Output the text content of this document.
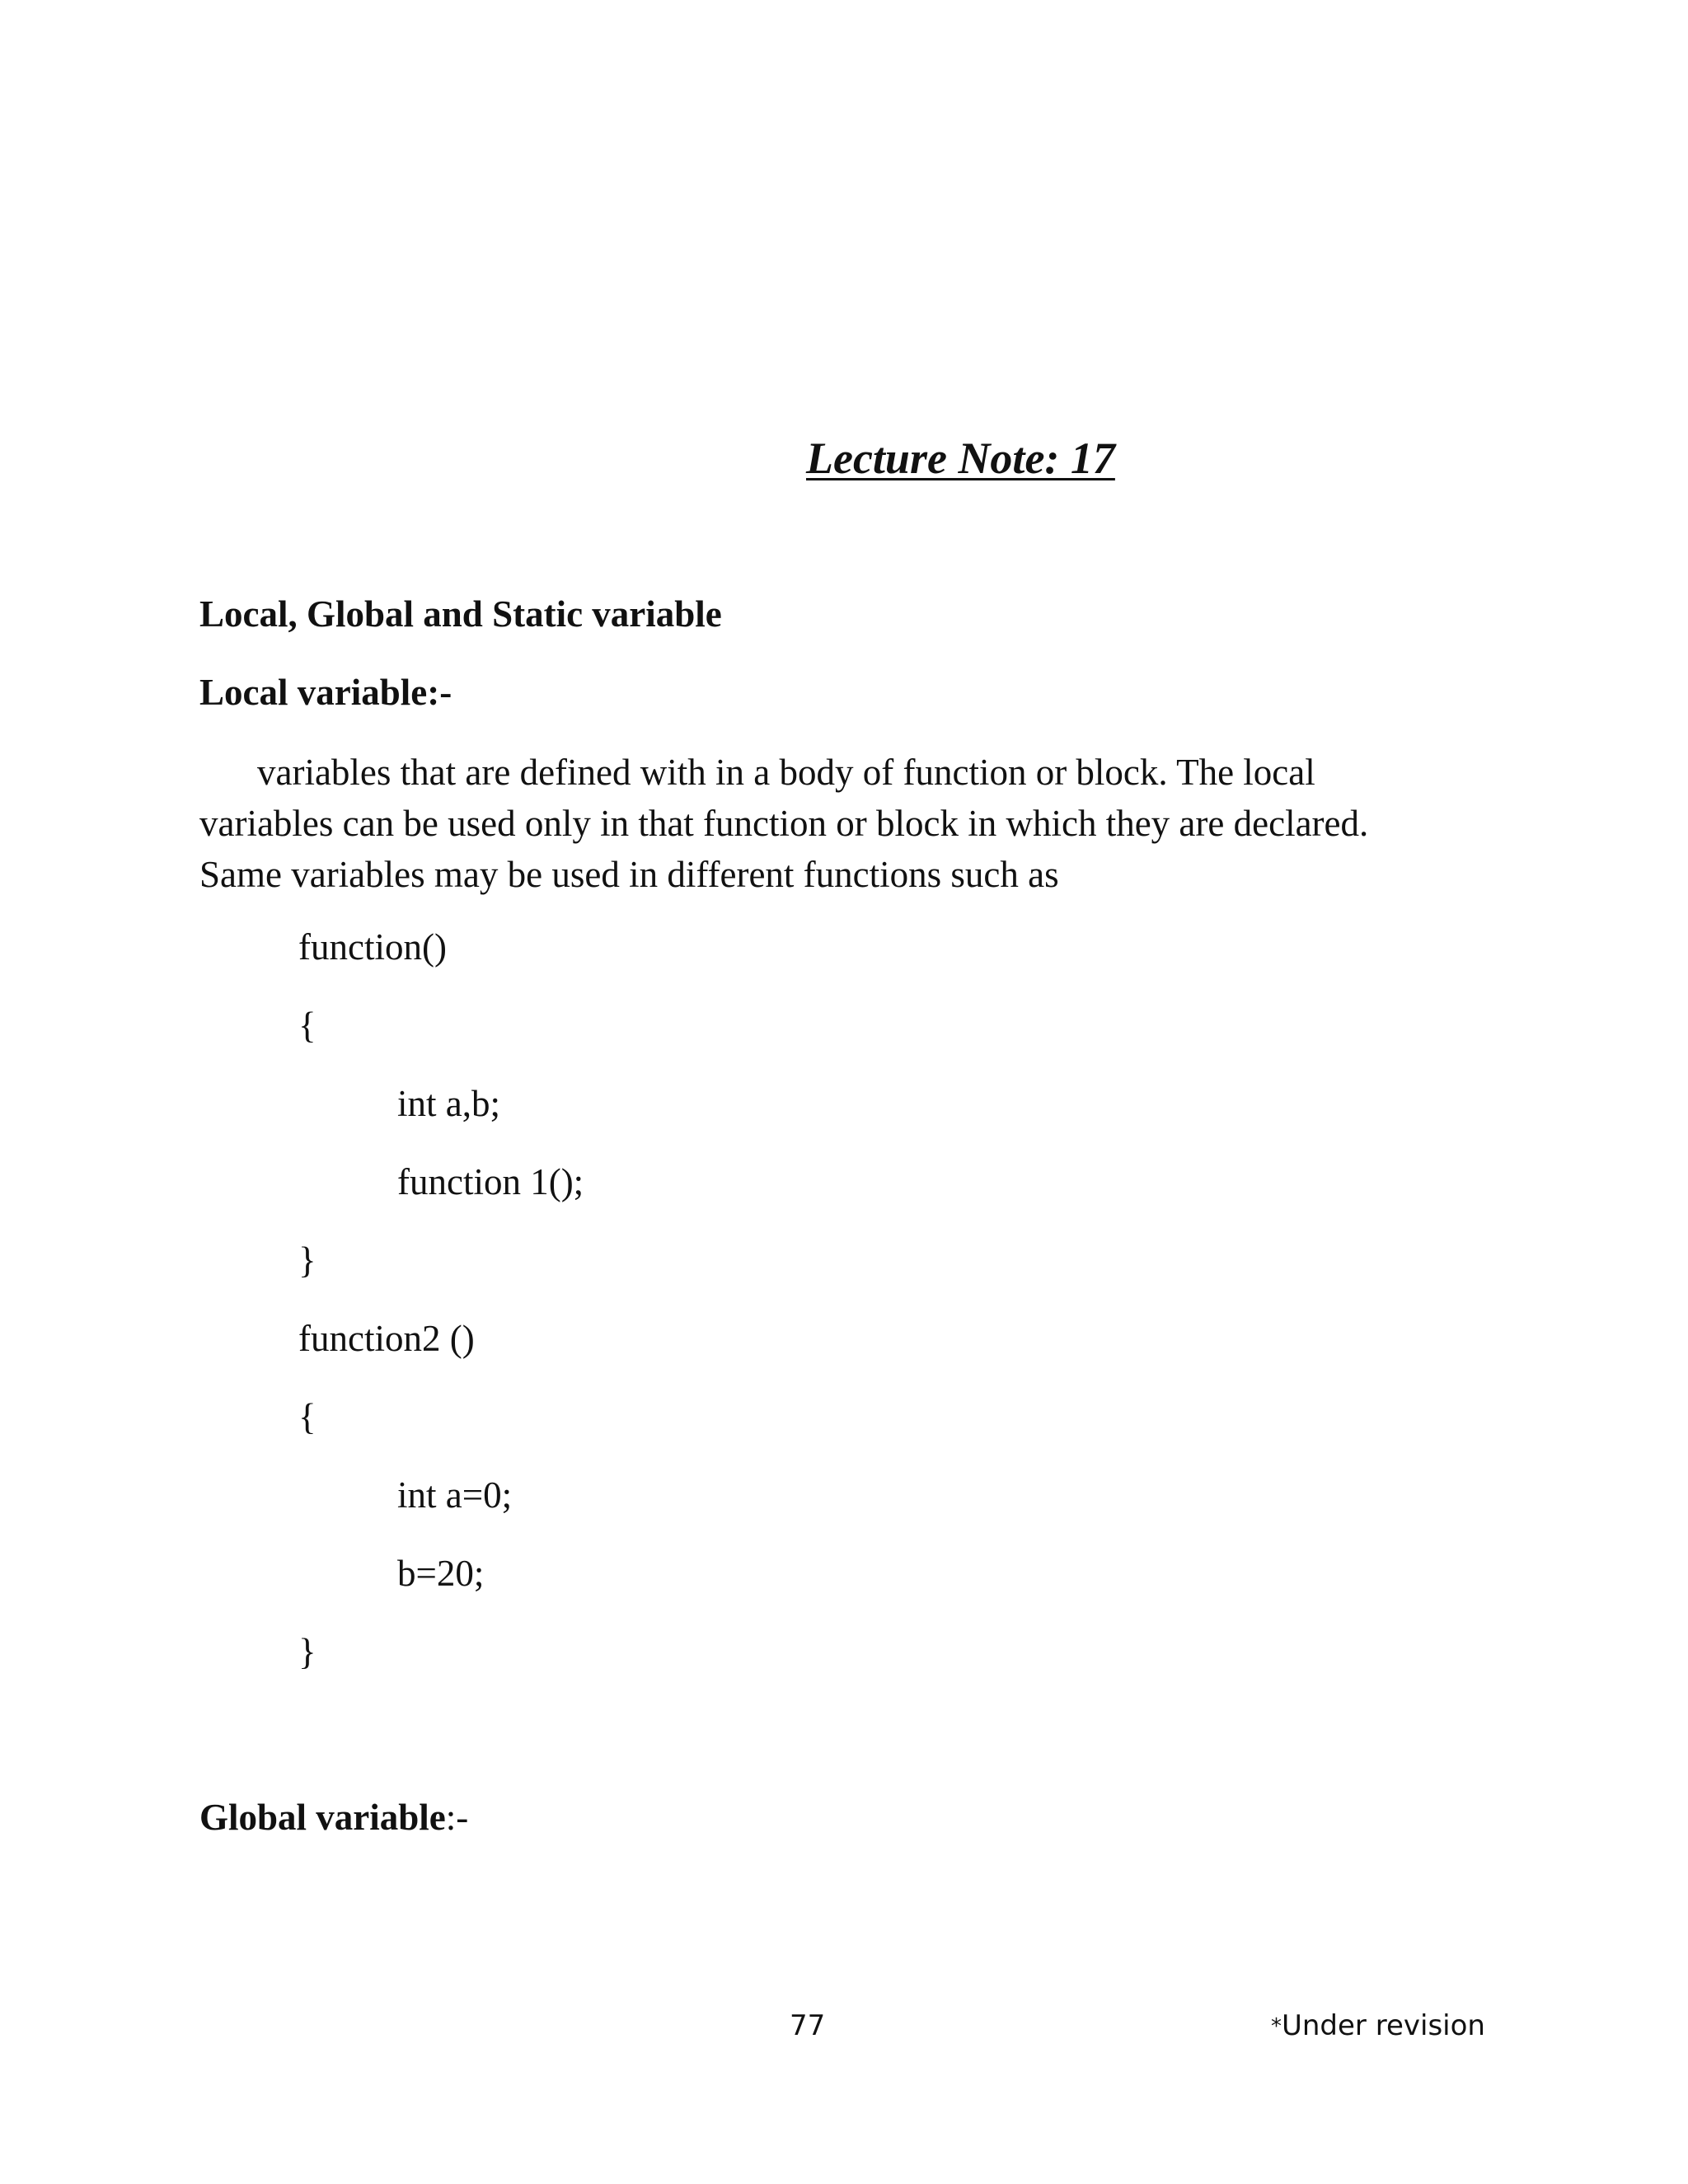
Lecture Note: 17
Local, Global and Static variable
Local variable:-
variables that are defined with in a body of function or block. The local
variables can be used only in that function or block in which they are declared.
Same variables may be used in different functions such as
function()
{
int a,b;
function 1();
}
function2 ()
{
int a=0;
b=20;
}
Global variable:-
77	*Under revision
